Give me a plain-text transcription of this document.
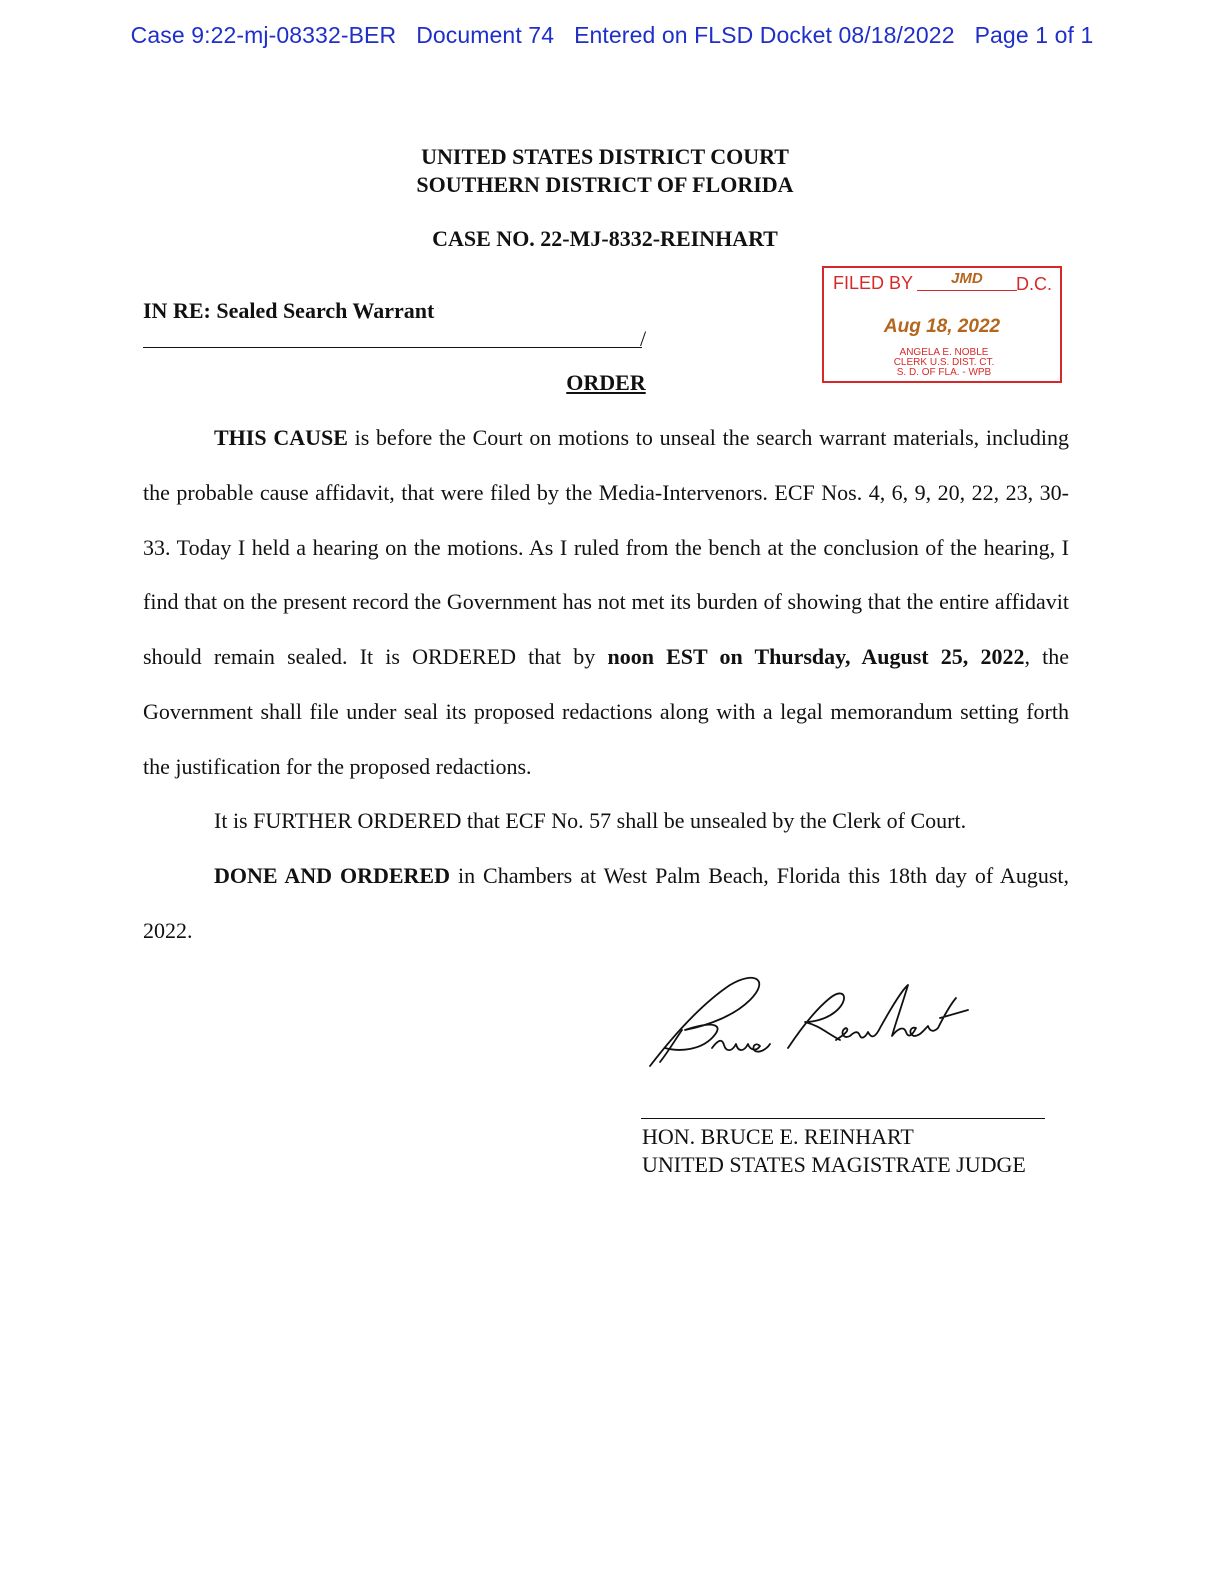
Case 9:22-mj-08332-BER Document 74 Entered on FLSD Docket 08/18/2022 Page 1 of 1
UNITED STATES DISTRICT COURT
SOUTHERN DISTRICT OF FLORIDA
CASE NO. 22-MJ-8332-REINHART
IN RE: Sealed Search Warrant
/
FILED BY	JMD D.C.
Aug 18, 2022
ANGELA E. NOBLE
CLERK U.S. DIST. CT.
S. D. OF FLA. - WPB
ORDER
THIS CAUSE is before the Court on motions to unseal the search warrant materials, including the probable cause affidavit, that were filed by the Media-Intervenors. ECF Nos. 4, 6, 9, 20, 22, 23, 30-33. Today I held a hearing on the motions. As I ruled from the bench at the conclusion of the hearing, I find that on the present record the Government has not met its burden of showing that the entire affidavit should remain sealed. It is ORDERED that by noon EST on Thursday, August 25, 2022, the Government shall file under seal its proposed redactions along with a legal memorandum setting forth the justification for the proposed redactions.
It is FURTHER ORDERED that ECF No. 57 shall be unsealed by the Clerk of Court.
DONE AND ORDERED in Chambers at West Palm Beach, Florida this 18th day of August, 2022.
HON. BRUCE E. REINHART
UNITED STATES MAGISTRATE JUDGE
